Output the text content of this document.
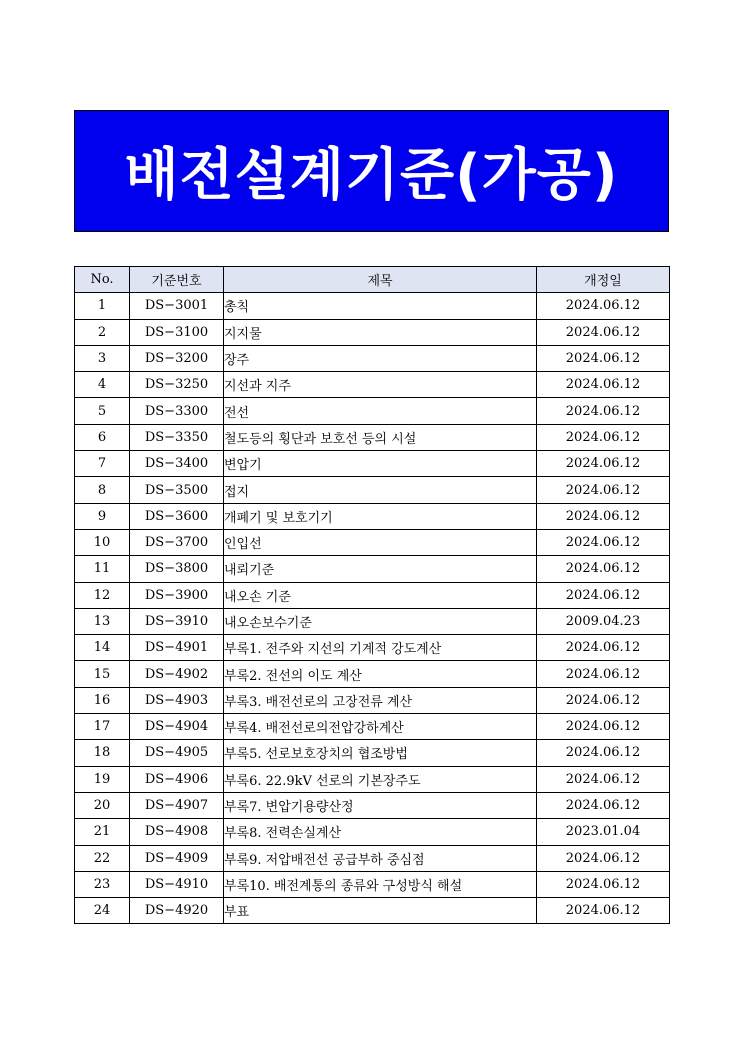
배전설계기준(가공)
No.	기준번호	제목	개정일
1	DS−3001	총칙	2024.06.12
2	DS−3100	지지물	2024.06.12
3	DS−3200	장주	2024.06.12
4	DS−3250	지선과 지주	2024.06.12
5	DS−3300	전선	2024.06.12
6	DS−3350	철도등의 횡단과 보호선 등의 시설	2024.06.12
7	DS−3400	변압기	2024.06.12
8	DS−3500	접지	2024.06.12
9	DS−3600	개폐기 및 보호기기	2024.06.12
10	DS−3700	인입선	2024.06.12
11	DS−3800	내뢰기준	2024.06.12
12	DS−3900	내오손 기준	2024.06.12
13	DS−3910	내오손보수기준	2009.04.23
14	DS−4901	부록1. 전주와 지선의 기계적 강도계산	2024.06.12
15	DS−4902	부록2. 전선의 이도 계산	2024.06.12
16	DS−4903	부록3. 배전선로의 고장전류 계산	2024.06.12
17	DS−4904	부록4. 배전선로의전압강하계산	2024.06.12
18	DS−4905	부록5. 선로보호장치의 협조방법	2024.06.12
19	DS−4906	부록6. 22.9kV 선로의 기본장주도	2024.06.12
20	DS−4907	부록7. 변압기용량산정	2024.06.12
21	DS−4908	부록8. 전력손실계산	2023.01.04
22	DS−4909	부록9. 저압배전선 공급부하 중심점	2024.06.12
23	DS−4910	부록10. 배전계통의 종류와 구성방식 해설	2024.06.12
24	DS−4920	부표	2024.06.12
